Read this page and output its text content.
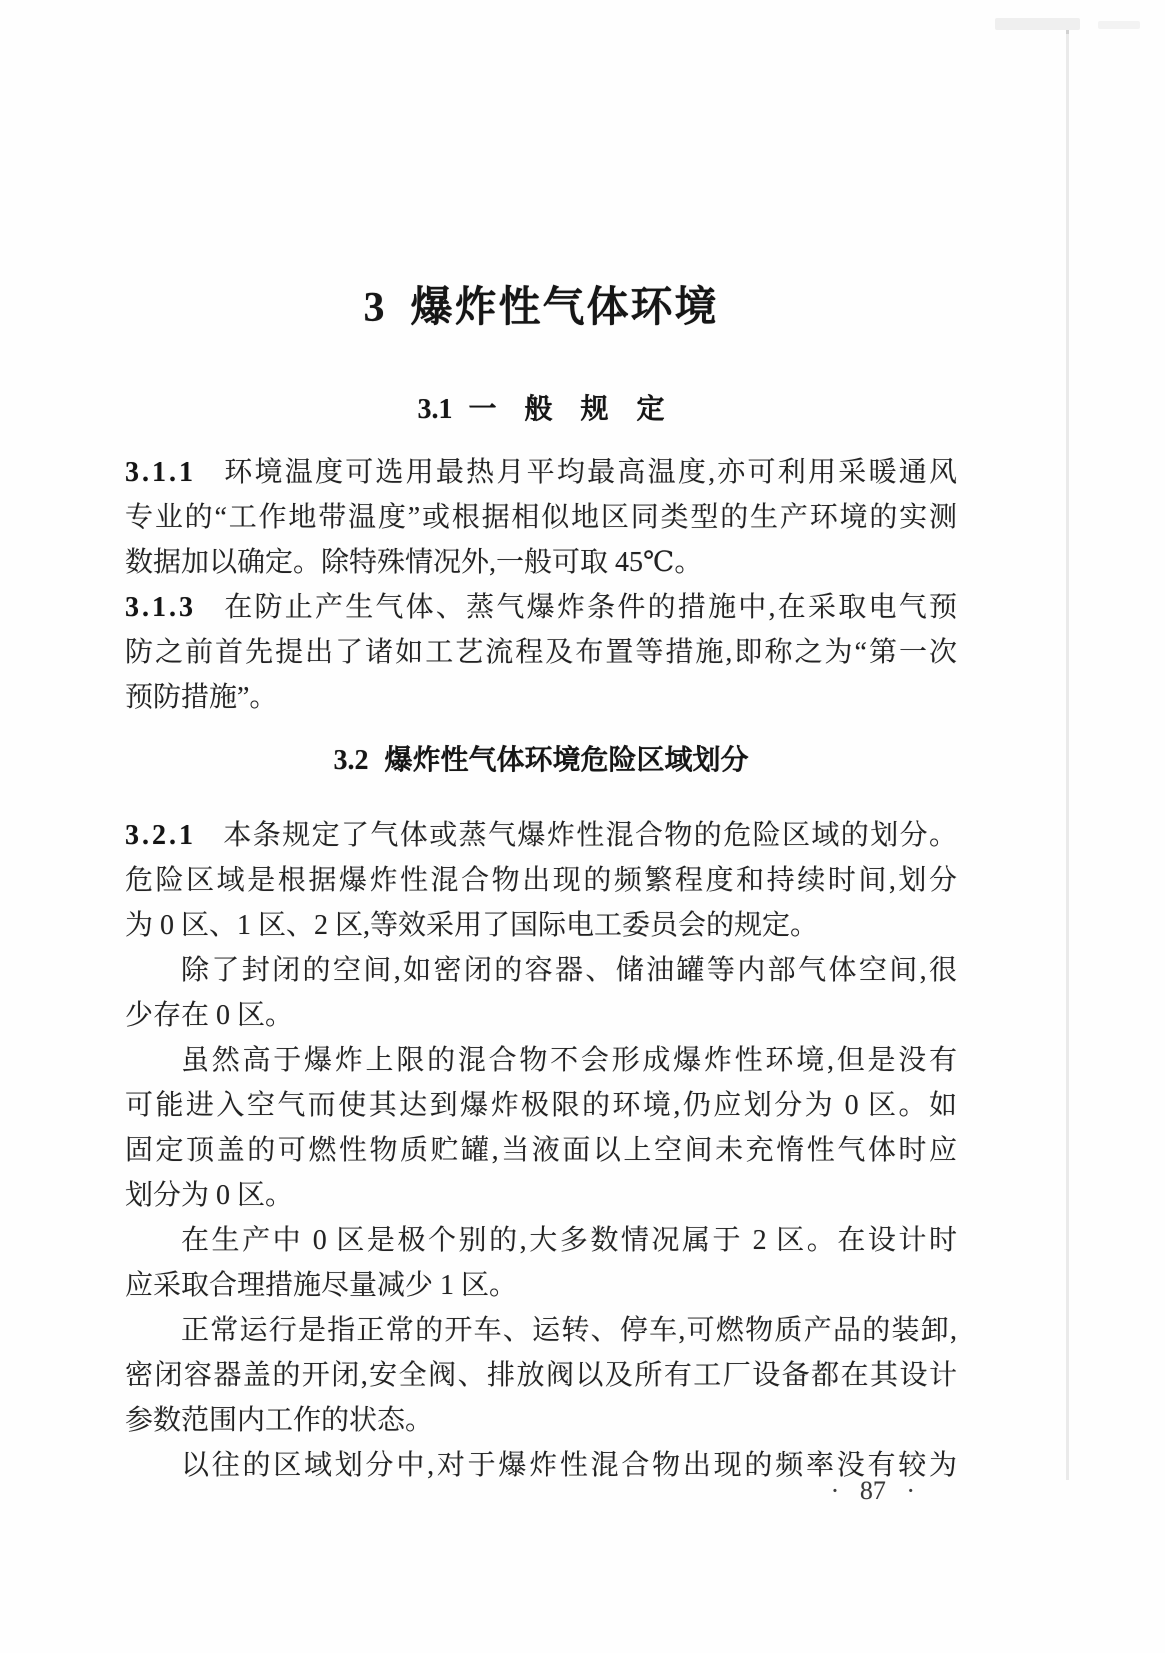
3 爆炸性气体环境
3.1 一　般　规　定
3.1.1 环境温度可选用最热月平均最高温度,亦可利用采暖通风
专业的“工作地带温度”或根据相似地区同类型的生产环境的实测
数据加以确定。除特殊情况外,一般可取 45℃。
3.1.3 在防止产生气体、蒸气爆炸条件的措施中,在采取电气预
防之前首先提出了诸如工艺流程及布置等措施,即称之为“第一次
预防措施”。
3.2 爆炸性气体环境危险区域划分
3.2.1 本条规定了气体或蒸气爆炸性混合物的危险区域的划分。
危险区域是根据爆炸性混合物出现的频繁程度和持续时间,划分
为 0 区、1 区、2 区,等效采用了国际电工委员会的规定。
除了封闭的空间,如密闭的容器、储油罐等内部气体空间,很
少存在 0 区。
虽然高于爆炸上限的混合物不会形成爆炸性环境,但是没有
可能进入空气而使其达到爆炸极限的环境,仍应划分为 0 区。如
固定顶盖的可燃性物质贮罐,当液面以上空间未充惰性气体时应
划分为 0 区。
在生产中 0 区是极个别的,大多数情况属于 2 区。在设计时
应采取合理措施尽量减少 1 区。
正常运行是指正常的开车、运转、停车,可燃物质产品的装卸,
密闭容器盖的开闭,安全阀、排放阀以及所有工厂设备都在其设计
参数范围内工作的状态。
以往的区域划分中,对于爆炸性混合物出现的频率没有较为
· 87 ·
